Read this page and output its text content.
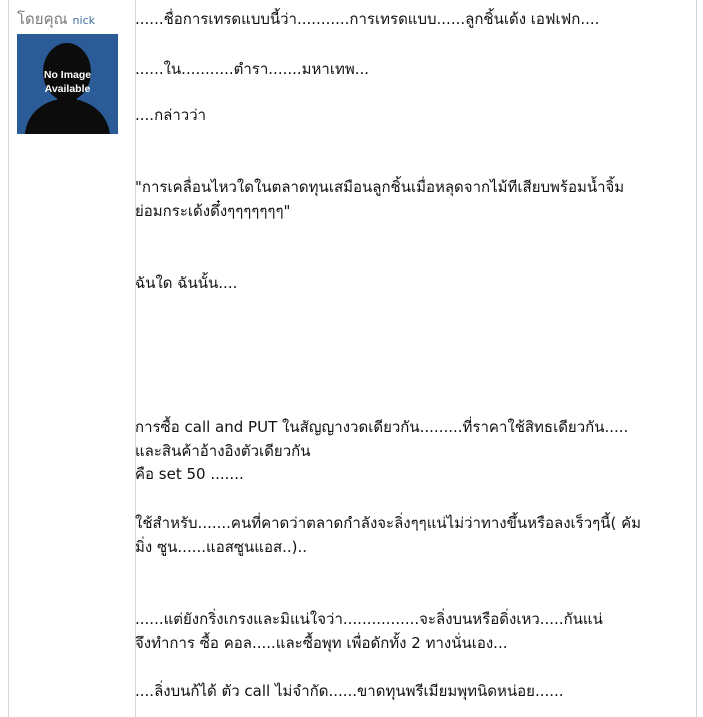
โดยคุณ nick
No Image
Available

......ชื่อการเทรดแบบนี้ว่า...........การเทรดแบบ......ลูกชิ้นเด้ง เอฟเฟก....

......ใน...........ตำรา.......มหาเทพ...

....กล่าวว่า

"การเคลื่อนไหวใดในตลาดทุนเสมือนลูกชิ้นเมื่อหลุดจากไม้ทีเสียบพร้อมน้ำจิ้ม

ย่อมกระเด้งดึ๋งๆๆๆๆๆๆๆ"

ฉันใด ฉันนั้น....

การซื้อ call and PUT ในสัญญางวดเดียวกัน.........ที่ราคาใช้สิทธเดียวกัน.....

และสินค้าอ้างอิงตัวเดียวกัน

คือ set 50 .......

ใช้สำหรับ.......คนที่คาดว่าตลาดกำลังจะลิ่งๆๆแน่ไม่ว่าทางขึ้นหรือลงเร็วๆนี้( คัม

มิ่ง ซูน......แอสซูนแอส..)..

......แต่ยังกริ่งเกรงและมิแน่ใจว่า................จะลิ่งบนหรือดิ่งเหว.....กันแน่

จึงทำการ ซื้อ คอล.....และซื้อพุท เพื่อดักทั้ง 2 ทางนั่นเอง...

....ลิ่งบนก้ได้ ตัว call ไม่จำกัด......ขาดทุนพรีเมียมพุทนิดหน่อย......
